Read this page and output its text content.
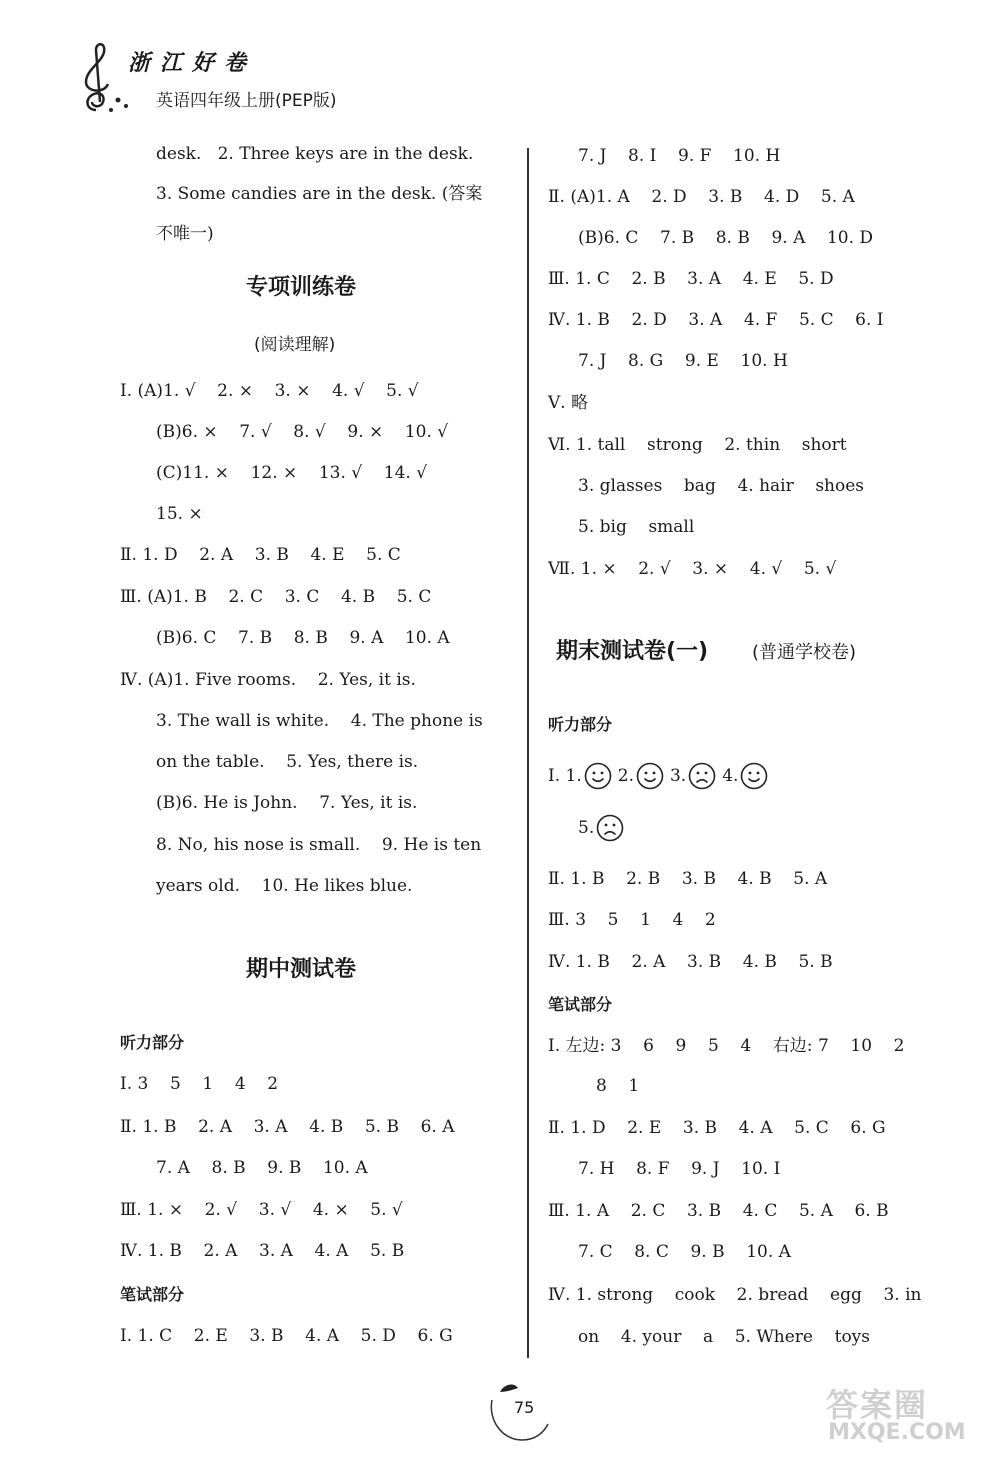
浙江好卷
英语四年级上册(PEP版)
desk.   2. Three keys are in the desk.
3. Some candies are in the desk. (答案
不唯一)
专项训练卷
(阅读理解)
Ⅰ. (A)1. √    2. ×    3. ×    4. √    5. √
(B)6. ×    7. √    8. √    9. ×    10. √
(C)11. ×    12. ×    13. √    14. √
15. ×
Ⅱ. 1. D    2. A    3. B    4. E    5. C
Ⅲ. (A)1. B    2. C    3. C    4. B    5. C
(B)6. C    7. B    8. B    9. A    10. A
Ⅳ. (A)1. Five rooms.    2. Yes, it is.
3. The wall is white.    4. The phone is
on the table.    5. Yes, there is.
(B)6. He is John.    7. Yes, it is.
8. No, his nose is small.    9. He is ten
years old.    10. He likes blue.
期中测试卷
听力部分
Ⅰ. 3    5    1    4    2
Ⅱ. 1. B    2. A    3. A    4. B    5. B    6. A
7. A    8. B    9. B    10. A
Ⅲ. 1. ×    2. √    3. √    4. ×    5. √
Ⅳ. 1. B    2. A    3. A    4. A    5. B
笔试部分
Ⅰ. 1. C    2. E    3. B    4. A    5. D    6. G
7. J    8. I    9. F    10. H
Ⅱ. (A)1. A    2. D    3. B    4. D    5. A
(B)6. C    7. B    8. B    9. A    10. D
Ⅲ. 1. C    2. B    3. A    4. E    5. D
Ⅳ. 1. B    2. D    3. A    4. F    5. C    6. I
7. J    8. G    9. E    10. H
Ⅴ. 略
Ⅵ. 1. tall    strong    2. thin    short
3. glasses    bag    4. hair    shoes
5. big    small
Ⅶ. 1. ×    2. √    3. ×    4. √    5. √
期末测试卷(一) (普通学校卷)
听力部分
Ⅰ. 1. 2. 3. 4.
5.
Ⅱ. 1. B    2. B    3. B    4. B    5. A
Ⅲ. 3    5    1    4    2
Ⅳ. 1. B    2. A    3. B    4. B    5. B
笔试部分
Ⅰ. 左边: 3    6    9    5    4    右边: 7    10    2
8    1
Ⅱ. 1. D    2. E    3. B    4. A    5. C    6. G
7. H    8. F    9. J    10. I
Ⅲ. 1. A    2. C    3. B    4. C    5. A    6. B
7. C    8. C    9. B    10. A
Ⅳ. 1. strong    cook    2. bread    egg    3. in
on    4. your    a    5. Where    toys
75	答案圈
MXQE.COM
